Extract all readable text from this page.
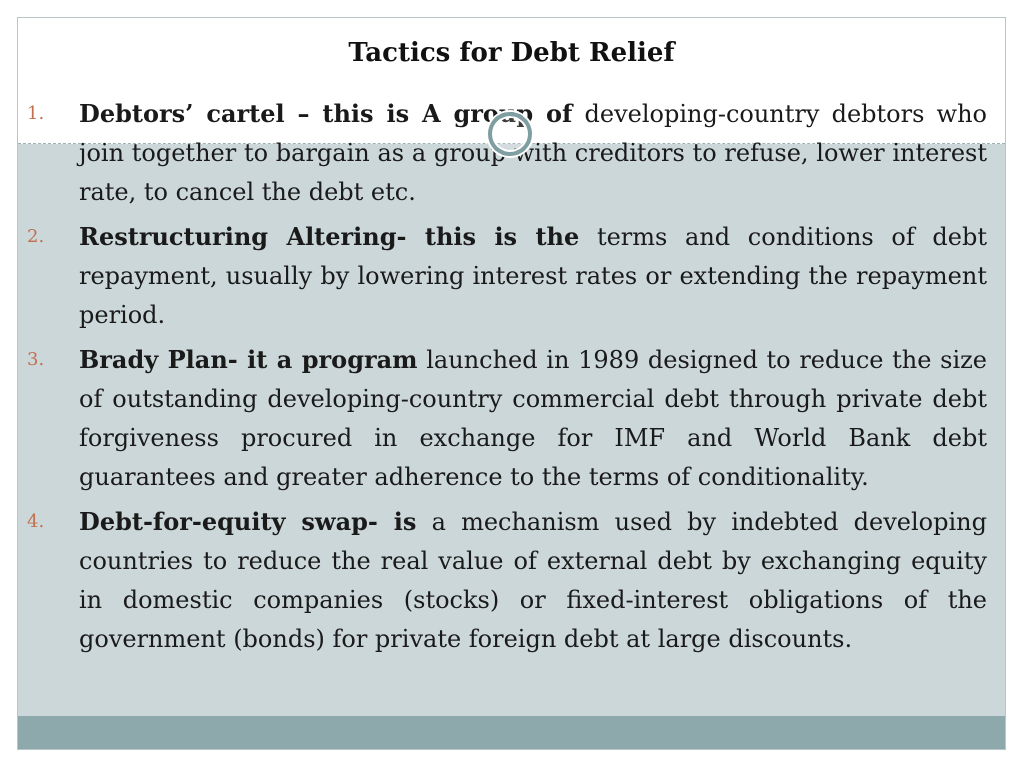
Tactics for Debt Relief
1. Debtors’ cartel – this is A group of developing-country debtors who join together to bargain as a group with creditors to refuse, lower interest rate, to cancel the debt etc.
2. Restructuring Altering- this is the terms and conditions of debt repayment, usually by lowering interest rates or extending the repayment period.
3. Brady Plan- it a program launched in 1989 designed to reduce the size of outstanding developing-country commercial debt through private debt forgiveness procured in exchange for IMF and World Bank debt guarantees and greater adherence to the terms of conditionality.
4. Debt-for-equity swap- is a mechanism used by indebted developing countries to reduce the real value of external debt by exchanging equity in domestic companies (stocks) or fixed-interest obligations of the government (bonds) for private foreign debt at large discounts.
